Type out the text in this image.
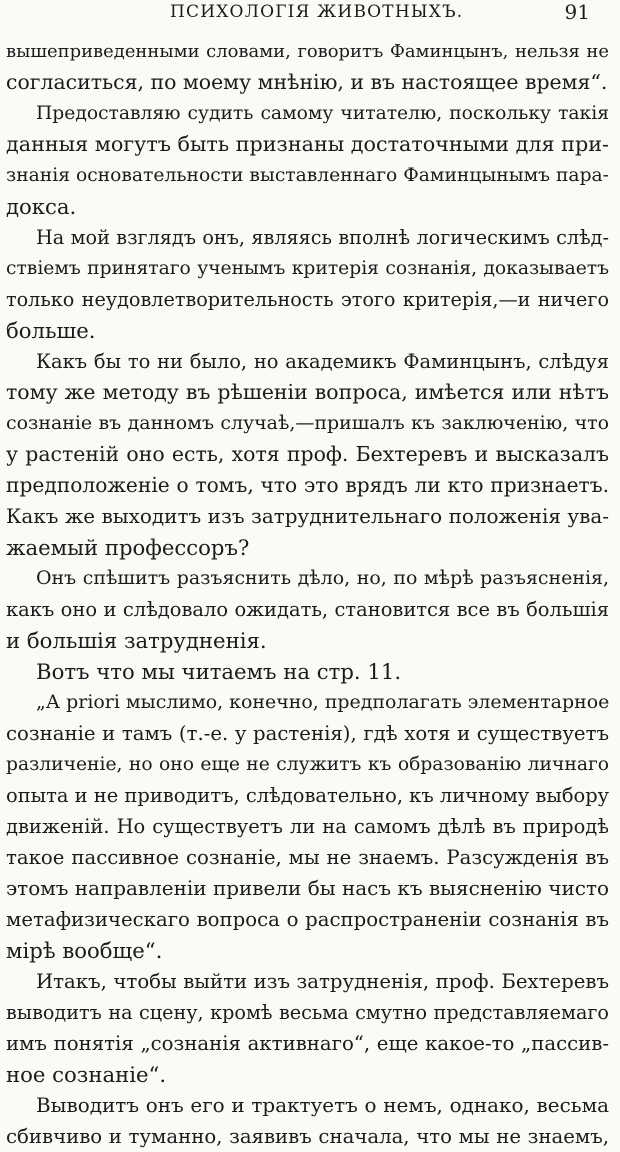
ПСИХОЛОГІЯ ЖИВОТНЫХЪ.	91
вышеприведенными словами, говоритъ Фаминцынъ, нельзя не
согласиться, по моему мнѣнію, и въ настоящее время“.
Предоставляю судить самому читателю, поскольку такія
данныя могутъ быть признаны достаточными для при-
знанія основательности выставленнаго Фаминцынымъ пара-
докса.
На мой взглядъ онъ, являясь вполнѣ логическимъ слѣд-
ствіемъ принятаго ученымъ критерія сознанія, доказываетъ
только неудовлетворительность этого критерія,—и ничего
больше.
Какъ бы то ни было, но академикъ Фаминцынъ, слѣдуя
тому же методу въ рѣшеніи вопроса, имѣется или нѣтъ
сознаніе въ данномъ случаѣ,—пришалъ къ заключенію, что
у растеній оно есть, хотя проф. Бехтеревъ и высказалъ
предположеніе о томъ, что это врядъ ли кто признаетъ.
Какъ же выходитъ изъ затруднительнаго положенія ува-
жаемый профессоръ?
Онъ спѣшитъ разъяснить дѣло, но, по мѣрѣ разъясненія,
какъ оно и слѣдовало ожидать, становится все въ большія
и большія затрудненія.
Вотъ что мы читаемъ на стр. 11.
„А priori мыслимо, конечно, предполагать элементарное
сознаніе и тамъ (т.-е. у растенія), гдѣ хотя и существуетъ
различеніе, но оно еще не служитъ къ образованію личнаго
опыта и не приводитъ, слѣдовательно, къ личному выбору
движеній. Но существуетъ ли на самомъ дѣлѣ въ природѣ
такое пассивное сознаніе, мы не знаемъ. Разсужденія въ
этомъ направленіи привели бы насъ къ выясненію чисто
метафизическаго вопроса о распространеніи сознанія въ
мірѣ вообще“.
Итакъ, чтобы выйти изъ затрудненія, проф. Бехтеревъ
выводитъ на сцену, кромѣ весьма смутно представляемаго
имъ понятія „сознанія активнаго“, еще какое-то „пассив-
ное сознаніе“.
Выводитъ онъ его и трактуетъ о немъ, однако, весьма
сбивчиво и туманно, заявивъ сначала, что мы не знаемъ,
